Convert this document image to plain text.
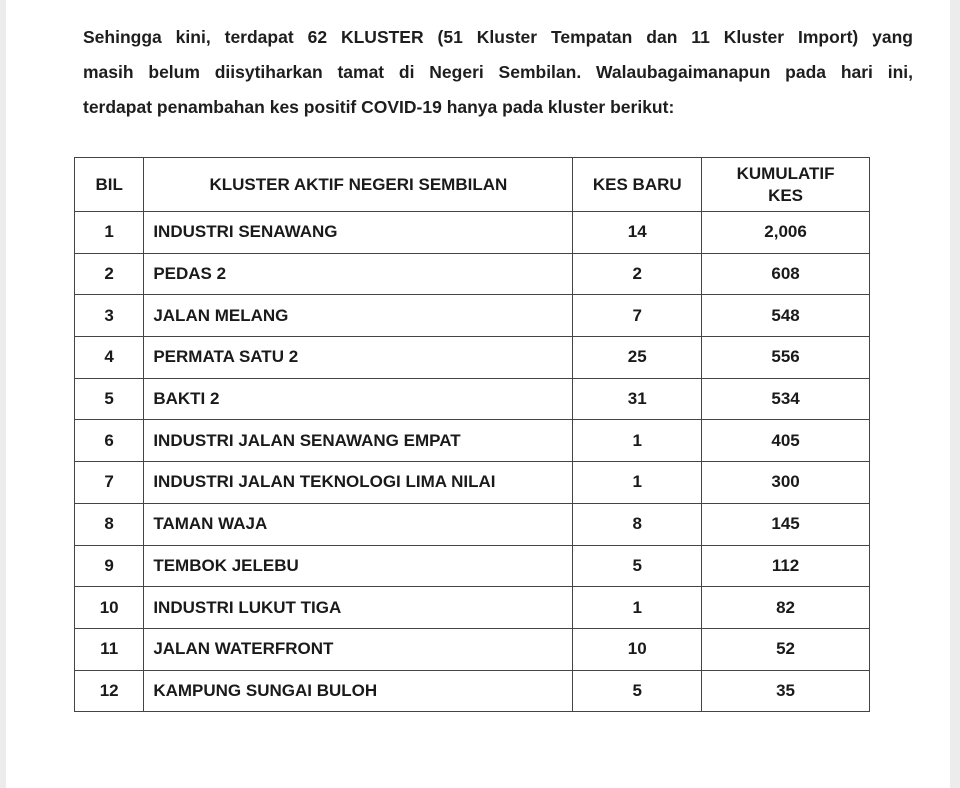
Sehingga kini, terdapat 62 KLUSTER (51 Kluster Tempatan dan 11 Kluster Import) yang
masih belum diisytiharkan tamat di Negeri Sembilan. Walaubagaimanapun pada hari ini,
terdapat penambahan kes positif COVID-19 hanya pada kluster berikut:
BIL	KLUSTER AKTIF NEGERI SEMBILAN	KES BARU	KUMULATIF
KES

1	INDUSTRI SENAWANG	14	2,006
2	PEDAS 2	2	608
3	JALAN MELANG	7	548
4	PERMATA SATU 2	25	556
5	BAKTI 2	31	534
6	INDUSTRI JALAN SENAWANG EMPAT	1	405
7	INDUSTRI JALAN TEKNOLOGI LIMA NILAI	1	300
8	TAMAN WAJA	8	145
9	TEMBOK JELEBU	5	112
10	INDUSTRI LUKUT TIGA	1	82
11	JALAN WATERFRONT	10	52
12	KAMPUNG SUNGAI BULOH	5	35
